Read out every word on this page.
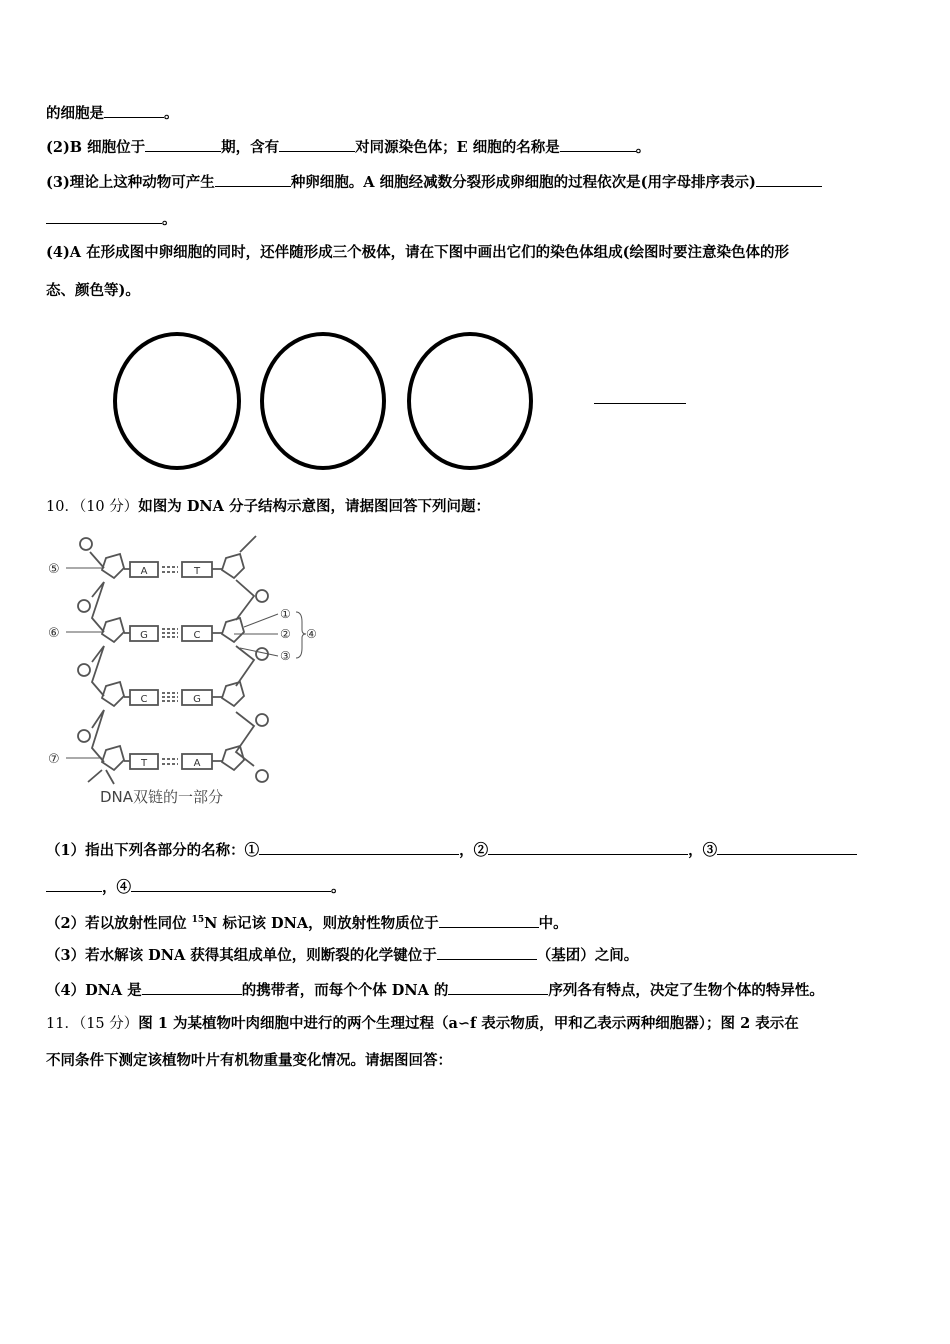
的细胞是	。
(2)B 细胞位于	期，含有	对同源染色体；E 细胞的名称是	。
(3)理论上这种动物可产生	种卵细胞。A 细胞经减数分裂形成卵细胞的过程依次是(用字母排序表示)
。
(4)A 在形成图中卵细胞的同时，还伴随形成三个极体，请在下图中画出它们的染色体组成(绘图时要注意染色体的形
态、颜色等)。
10．（10 分）如图为 DNA 分子结构示意图，请据图回答下列问题：
⑤
⑥
⑦
①
②
③
④
A	T
G	C
C	G
T	A
DNA双链的一部分
（1）指出下列各部分的名称：①	，②	，③
，④	。
（2）若以放射性同位 $^{15}$N 标记该 DNA，则放射性物质位于	中。
（3）若水解该 DNA 获得其组成单位，则断裂的化学键位于	（基团）之间。
（4）DNA 是	的携带者，而每个个体 DNA 的	序列各有特点，决定了生物个体的特异性。
11．（15 分）图 1 为某植物叶肉细胞中进行的两个生理过程（a∽f 表示物质，甲和乙表示两种细胞器）；图 2 表示在
不同条件下测定该植物叶片有机物重量变化情况。请据图回答：
